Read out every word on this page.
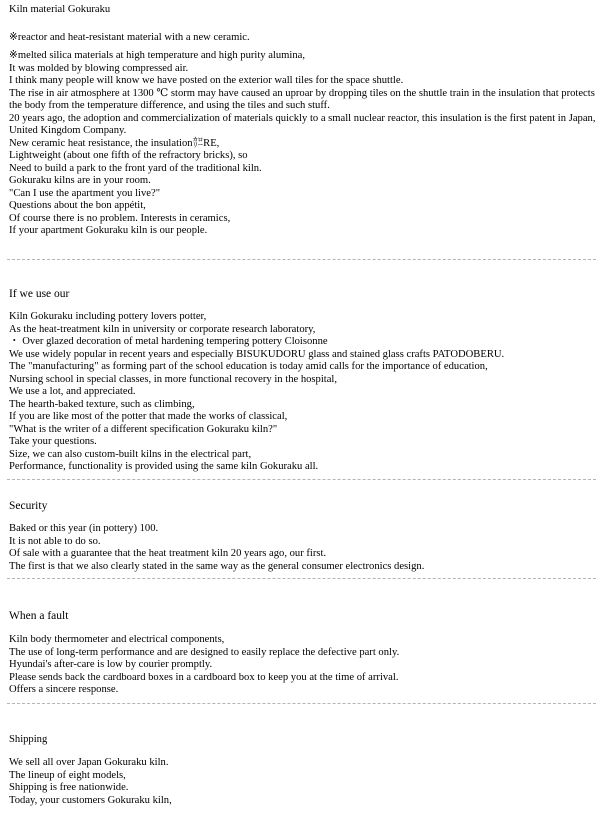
Kiln material Gokuraku
※reactor and heat-resistant material with a new ceramic.
※melted silica materials at high temperature and high purity alumina,
It was molded by blowing compressed air.
I think many people will know we have posted on the exterior wall tiles for the space shuttle.
The rise in air atmosphere at 1300 ℃ storm may have caused an uproar by dropping tiles on the shuttle train in the insulation that protects the body from the temperature difference, and using the tiles and such stuff.
20 years ago, the adoption and commercialization of materials quickly to a small nuclear reactor, this insulation is the first patent in Japan, United Kingdom Company.
New ceramic heat resistance, the insulation㌍RE,
Lightweight (about one fifth of the refractory bricks), so
Need to build a park to the front yard of the traditional kiln.
Gokuraku kilns are in your room.
"Can I use the apartment you live?"
Questions about the bon appétit,
Of course there is no problem. Interests in ceramics,
If your apartment Gokuraku kiln is our people.
If we use our
Kiln Gokuraku including pottery lovers potter,
As the heat-treatment kiln in university or corporate research laboratory,
・ Over glazed decoration of metal hardening tempering pottery Cloisonne
We use widely popular in recent years and especially BISUKUDORU glass and stained glass crafts PATODOBERU.
The "manufacturing" as forming part of the school education is today amid calls for the importance of education,
Nursing school in special classes, in more functional recovery in the hospital,
We use a lot, and appreciated.
The hearth-baked texture, such as climbing,
If you are like most of the potter that made the works of classical,
"What is the writer of a different specification Gokuraku kiln?"
Take your questions.
Size, we can also custom-built kilns in the electrical part,
Performance, functionality is provided using the same kiln Gokuraku all.
Security
Baked or this year (in pottery) 100.
It is not able to do so.
Of sale with a guarantee that the heat treatment kiln 20 years ago, our first.
The first is that we also clearly stated in the same way as the general consumer electronics design.
When a fault
Kiln body thermometer and electrical components,
The use of long-term performance and are designed to easily replace the defective part only.
Hyundai's after-care is low by courier promptly.
Please sends back the cardboard boxes in a cardboard box to keep you at the time of arrival.
Offers a sincere response.
Shipping
We sell all over Japan Gokuraku kiln.
The lineup of eight models,
Shipping is free nationwide.
Today, your customers Gokuraku kiln,
